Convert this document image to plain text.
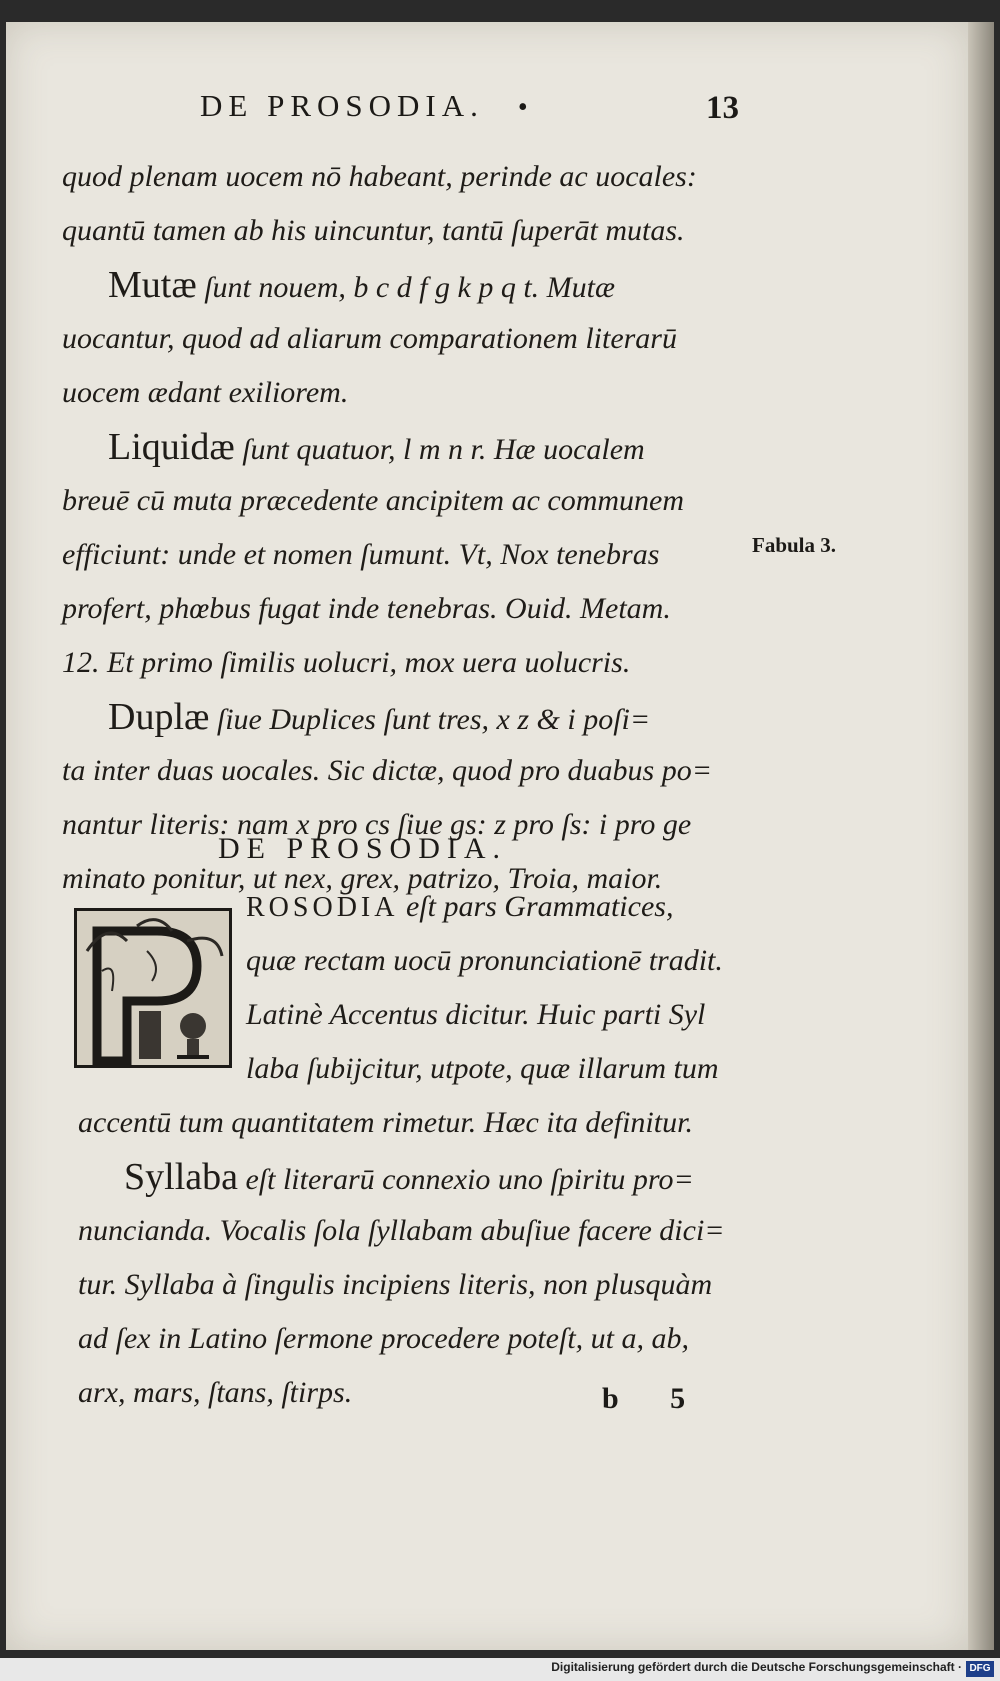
DE PROSODIA. •	13
quod plenam uocem nō habeant, perinde ac uocales:
quantū tamen ab his uincuntur, tantū ſuperāt mutas.
Mutæ ſunt nouem, b c d f g k p q t. Mutæ
uocantur, quod ad aliarum comparationem literarū
uocem ædant exiliorem.
Liquidæ ſunt quatuor, l m n r. Hæ uocalem
breuē cū muta præcedente ancipitem ac communem
efficiunt: unde et nomen ſumunt. Vt, Nox tenebras
profert, phœbus fugat inde tenebras. Ouid. Metam.
12. Et primo ſimilis uolucri, mox uera uolucris.
Duplæ ſiue Duplices ſunt tres, x z & i poſi=
ta inter duas uocales. Sic dictæ, quod pro duabus po=
nantur literis: nam x pro cs ſiue gs: z pro ſs: i pro ge
minato ponitur, ut nex, grex, patrizo, Troia, maior.
Fabula 3.
DE PROSODIA.
ROSODIA eſt pars Grammatices,
quæ rectam uocū pronunciationē tradit.
Latinè Accentus dicitur. Huic parti Syl
laba ſubijcitur, utpote, quæ illarum tum
accentū tum quantitatem rimetur. Hæc ita definitur.
Syllaba eſt literarū connexio uno ſpiritu pro=
nuncianda. Vocalis ſola ſyllabam abuſiue facere dici=
tur. Syllaba à ſingulis incipiens literis, non plusquàm
ad ſex in Latino ſermone procedere poteſt, ut a, ab,
arx, mars, ſtans, ſtirps.	b 5
Digitalisierung gefördert durch die Deutsche Forschungsgemeinschaft · DFG
